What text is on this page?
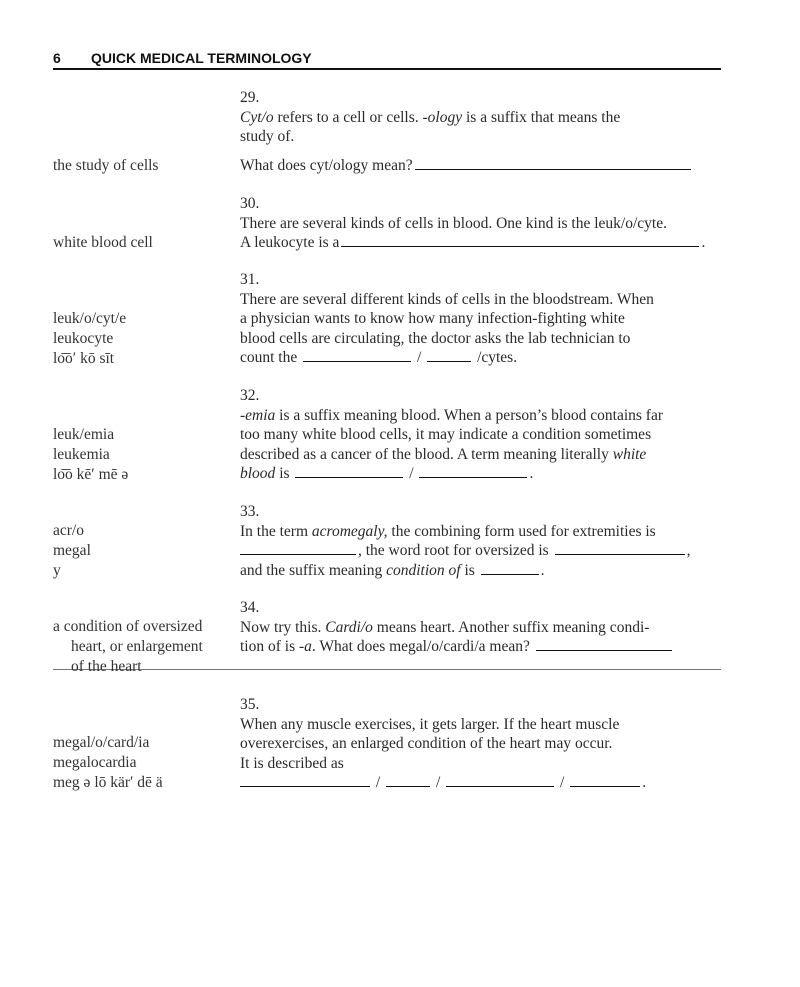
6 QUICK MEDICAL TERMINOLOGY
29.
Cyt/o refers to a cell or cells. -ology is a suffix that means the
study of.
What does cyt/ology mean?
the study of cells
30.
There are several kinds of cells in blood. One kind is the leuk/o/cyte.
A leukocyte is a	.
white blood cell
31.
There are several different kinds of cells in the bloodstream. When
a physician wants to know how many infection-fighting white
blood cells are circulating, the doctor asks the lab technician to
count the	/	/cytes.
leuk/o/cyt/e
leukocyte
lo͞o′ kō sīt
32.
-emia is a suffix meaning blood. When a person’s blood contains far
too many white blood cells, it may indicate a condition sometimes
described as a cancer of the blood. A term meaning literally white
blood is	/	.
leuk/emia
leukemia
lo͞o kē′ mē ə
33.
In the term acromegaly, the combining form used for extremities is
, the word root for oversized is	,
and the suffix meaning condition of is	.
acr/o
megal
y
34.
Now try this. Cardi/o means heart. Another suffix meaning condi-
tion of is -a. What does megal/o/cardi/a mean?
a condition of oversized
heart, or enlargement
of the heart
35.
When any muscle exercises, it gets larger. If the heart muscle
overexercises, an enlarged condition of the heart may occur.
It is described as
/	/	/	.
megal/o/card/ia
megalocardia
meg ə lō kär′ dē ä
